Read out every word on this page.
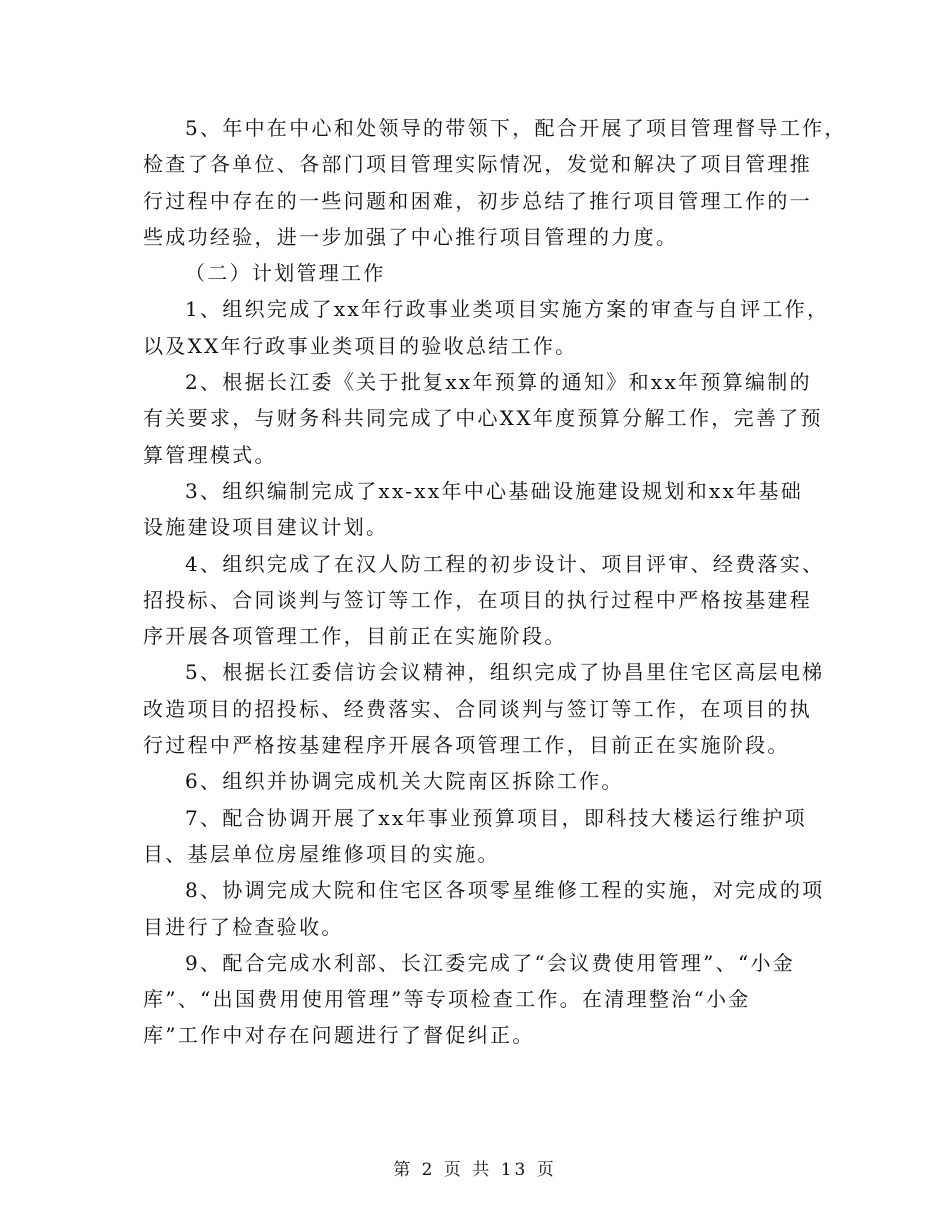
5、年中在中心和处领导的带领下，配合开展了项目管理督导工作，
检查了各单位、各部门项目管理实际情况，发觉和解决了项目管理推
行过程中存在的一些问题和困难，初步总结了推行项目管理工作的一
些成功经验，进一步加强了中心推行项目管理的力度。
（二）计划管理工作
1、组织完成了xx年行政事业类项目实施方案的审查与自评工作，
以及XX年行政事业类项目的验收总结工作。
2、根据长江委《关于批复xx年预算的通知》和xx年预算编制的
有关要求，与财务科共同完成了中心XX年度预算分解工作，完善了预
算管理模式。
3、组织编制完成了xx-xx年中心基础设施建设规划和xx年基础
设施建设项目建议计划。
4、组织完成了在汉人防工程的初步设计、项目评审、经费落实、
招投标、合同谈判与签订等工作，在项目的执行过程中严格按基建程
序开展各项管理工作，目前正在实施阶段。
5、根据长江委信访会议精神，组织完成了协昌里住宅区高层电梯
改造项目的招投标、经费落实、合同谈判与签订等工作，在项目的执
行过程中严格按基建程序开展各项管理工作，目前正在实施阶段。
6、组织并协调完成机关大院南区拆除工作。
7、配合协调开展了xx年事业预算项目，即科技大楼运行维护项
目、基层单位房屋维修项目的实施。
8、协调完成大院和住宅区各项零星维修工程的实施，对完成的项
目进行了检查验收。
9、配合完成水利部、长江委完成了“会议费使用管理”、“小金
库”、“出国费用使用管理”等专项检查工作。在清理整治“小金
库”工作中对存在问题进行了督促纠正。
第 2 页 共 13 页
